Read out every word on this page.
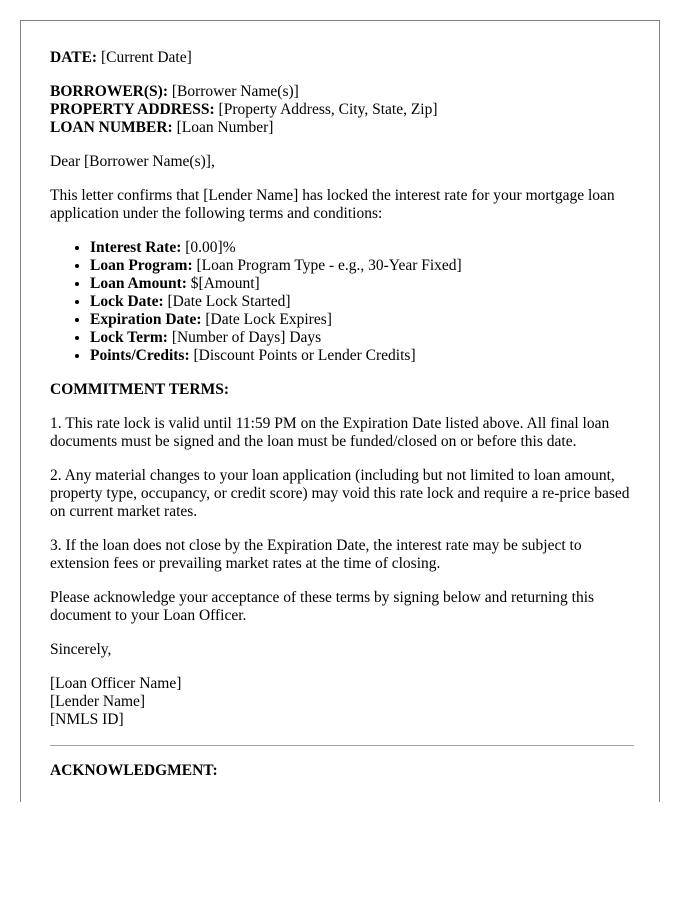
DATE: [Current Date]
BORROWER(S): [Borrower Name(s)]
PROPERTY ADDRESS: [Property Address, City, State, Zip]
LOAN NUMBER: [Loan Number]

Dear [Borrower Name(s)],

This letter confirms that [Lender Name] has locked the interest rate for your mortgage loan application under the following terms and conditions:

• Interest Rate: [0.00]%
• Loan Program: [Loan Program Type - e.g., 30-Year Fixed]
• Loan Amount: $[Amount]
• Lock Date: [Date Lock Started]
• Expiration Date: [Date Lock Expires]
• Lock Term: [Number of Days] Days
• Points/Credits: [Discount Points or Lender Credits]
COMMITMENT TERMS:

1. This rate lock is valid until 11:59 PM on the Expiration Date listed above. All final loan documents must be signed and the loan must be funded/closed on or before this date.

2. Any material changes to your loan application (including but not limited to loan amount, property type, occupancy, or credit score) may void this rate lock and require a re-price based on current market rates.

3. If the loan does not close by the Expiration Date, the interest rate may be subject to extension fees or prevailing market rates at the time of closing.

Please acknowledge your acceptance of these terms by signing below and returning this document to your Loan Officer.

Sincerely,

[Loan Officer Name]
[Lender Name]
[NMLS ID]
ACKNOWLEDGMENT:
